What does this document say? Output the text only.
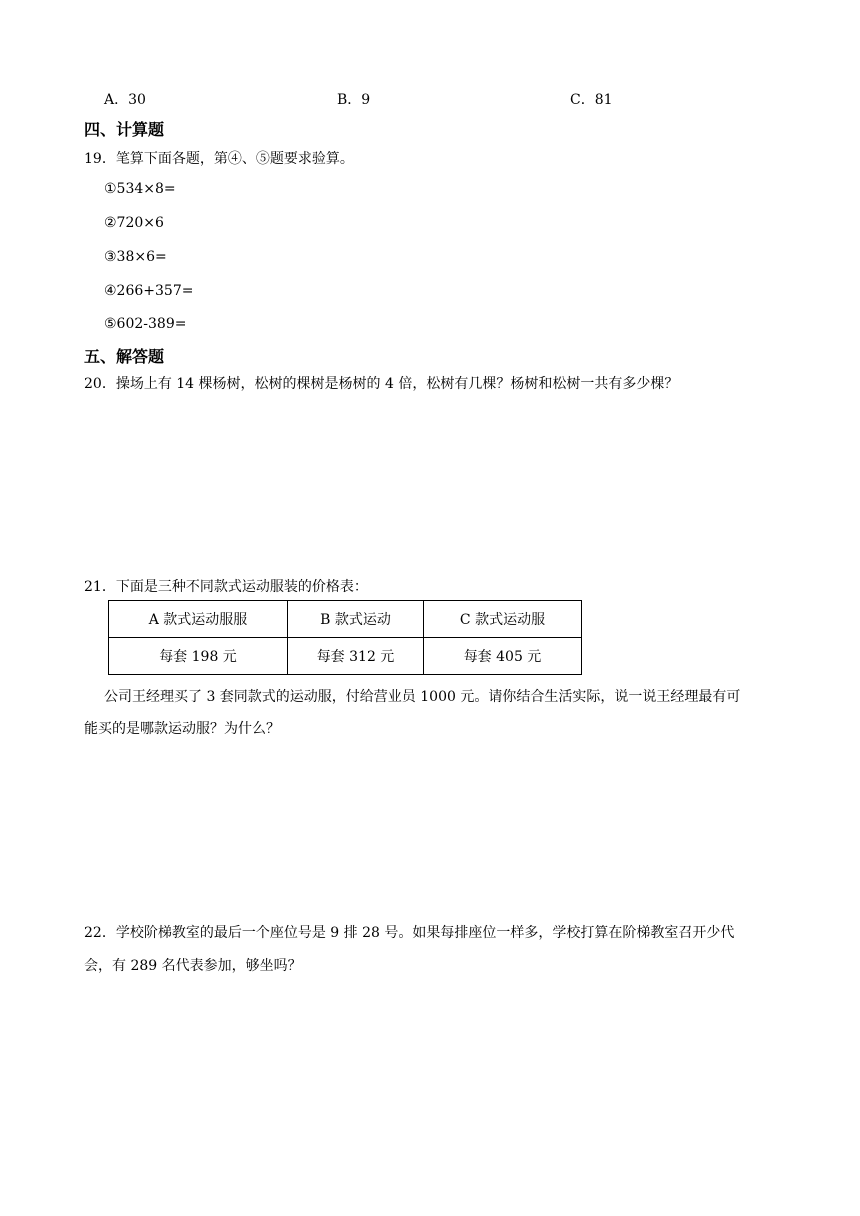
A．30	B．9	C．81
四、计算题
19．笔算下面各题，第④、⑤题要求验算。
①534×8=
②720×6
③38×6=
④266+357=
⑤602-389=
五、解答题
20．操场上有 14 棵杨树，松树的棵树是杨树的 4 倍，松树有几棵？杨树和松树一共有多少棵？
21．下面是三种不同款式运动服装的价格表：
A 款式运动服服	B 款式运动	C 款式运动服
每套 198 元	每套 312 元	每套 405 元
公司王经理买了 3 套同款式的运动服，付给营业员 1000 元。请你结合生活实际，说一说王经理最有可
能买的是哪款运动服？为什么？
22．学校阶梯教室的最后一个座位号是 9 排 28 号。如果每排座位一样多，学校打算在阶梯教室召开少代
会，有 289 名代表参加，够坐吗？
